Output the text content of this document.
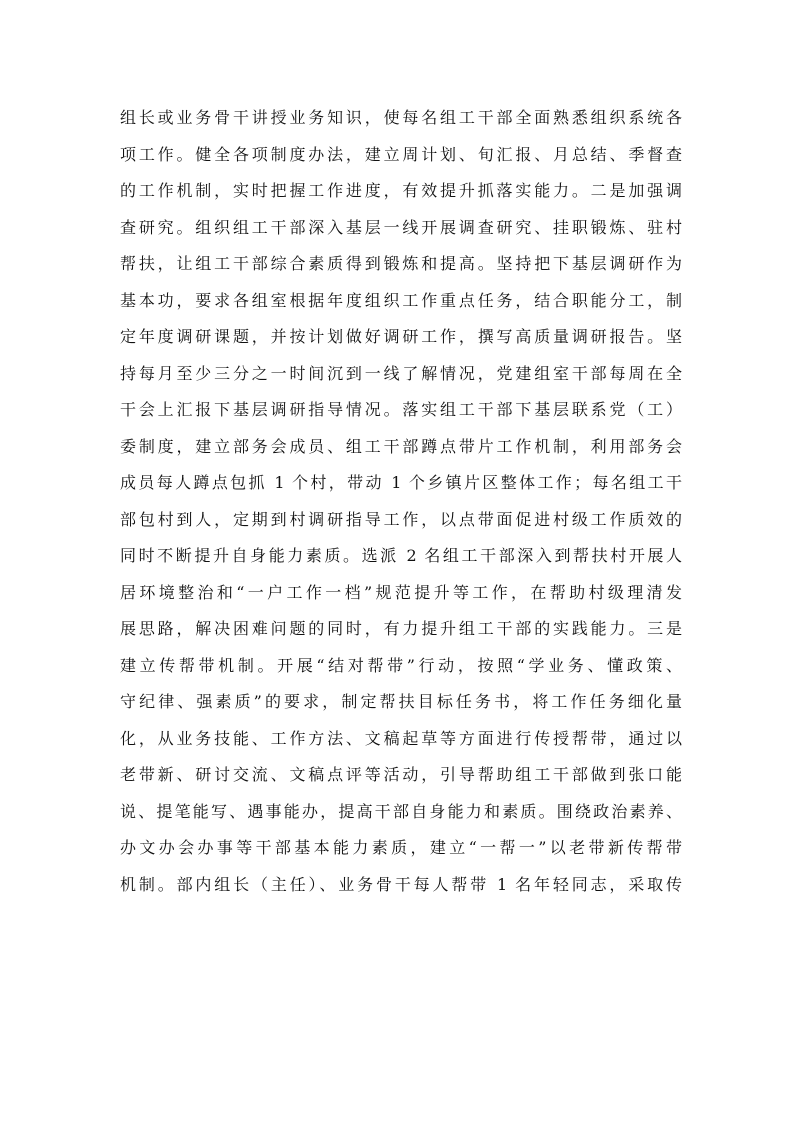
组长或业务骨干讲授业务知识，使每名组工干部全面熟悉组织系统各
项工作。健全各项制度办法，建立周计划、旬汇报、月总结、季督查
的工作机制，实时把握工作进度，有效提升抓落实能力。二是加强调
查研究。组织组工干部深入基层一线开展调查研究、挂职锻炼、驻村
帮扶，让组工干部综合素质得到锻炼和提高。坚持把下基层调研作为
基本功，要求各组室根据年度组织工作重点任务，结合职能分工，制
定年度调研课题，并按计划做好调研工作，撰写高质量调研报告。坚
持每月至少三分之一时间沉到一线了解情况，党建组室干部每周在全
干会上汇报下基层调研指导情况。落实组工干部下基层联系党（工）
委制度，建立部务会成员、组工干部蹲点带片工作机制，利用部务会
成员每人蹲点包抓 1 个村，带动 1 个乡镇片区整体工作；每名组工干
部包村到人，定期到村调研指导工作，以点带面促进村级工作质效的
同时不断提升自身能力素质。选派 2 名组工干部深入到帮扶村开展人
居环境整治和“一户工作一档”规范提升等工作，在帮助村级理清发
展思路，解决困难问题的同时，有力提升组工干部的实践能力。三是
建立传帮带机制。开展“结对帮带”行动，按照“学业务、懂政策、
守纪律、强素质”的要求，制定帮扶目标任务书，将工作任务细化量
化，从业务技能、工作方法、文稿起草等方面进行传授帮带，通过以
老带新、研讨交流、文稿点评等活动，引导帮助组工干部做到张口能
说、提笔能写、遇事能办，提高干部自身能力和素质。围绕政治素养、
办文办会办事等干部基本能力素质，建立“一帮一”以老带新传帮带
机制。部内组长（主任）、业务骨干每人帮带 1 名年轻同志，采取传
